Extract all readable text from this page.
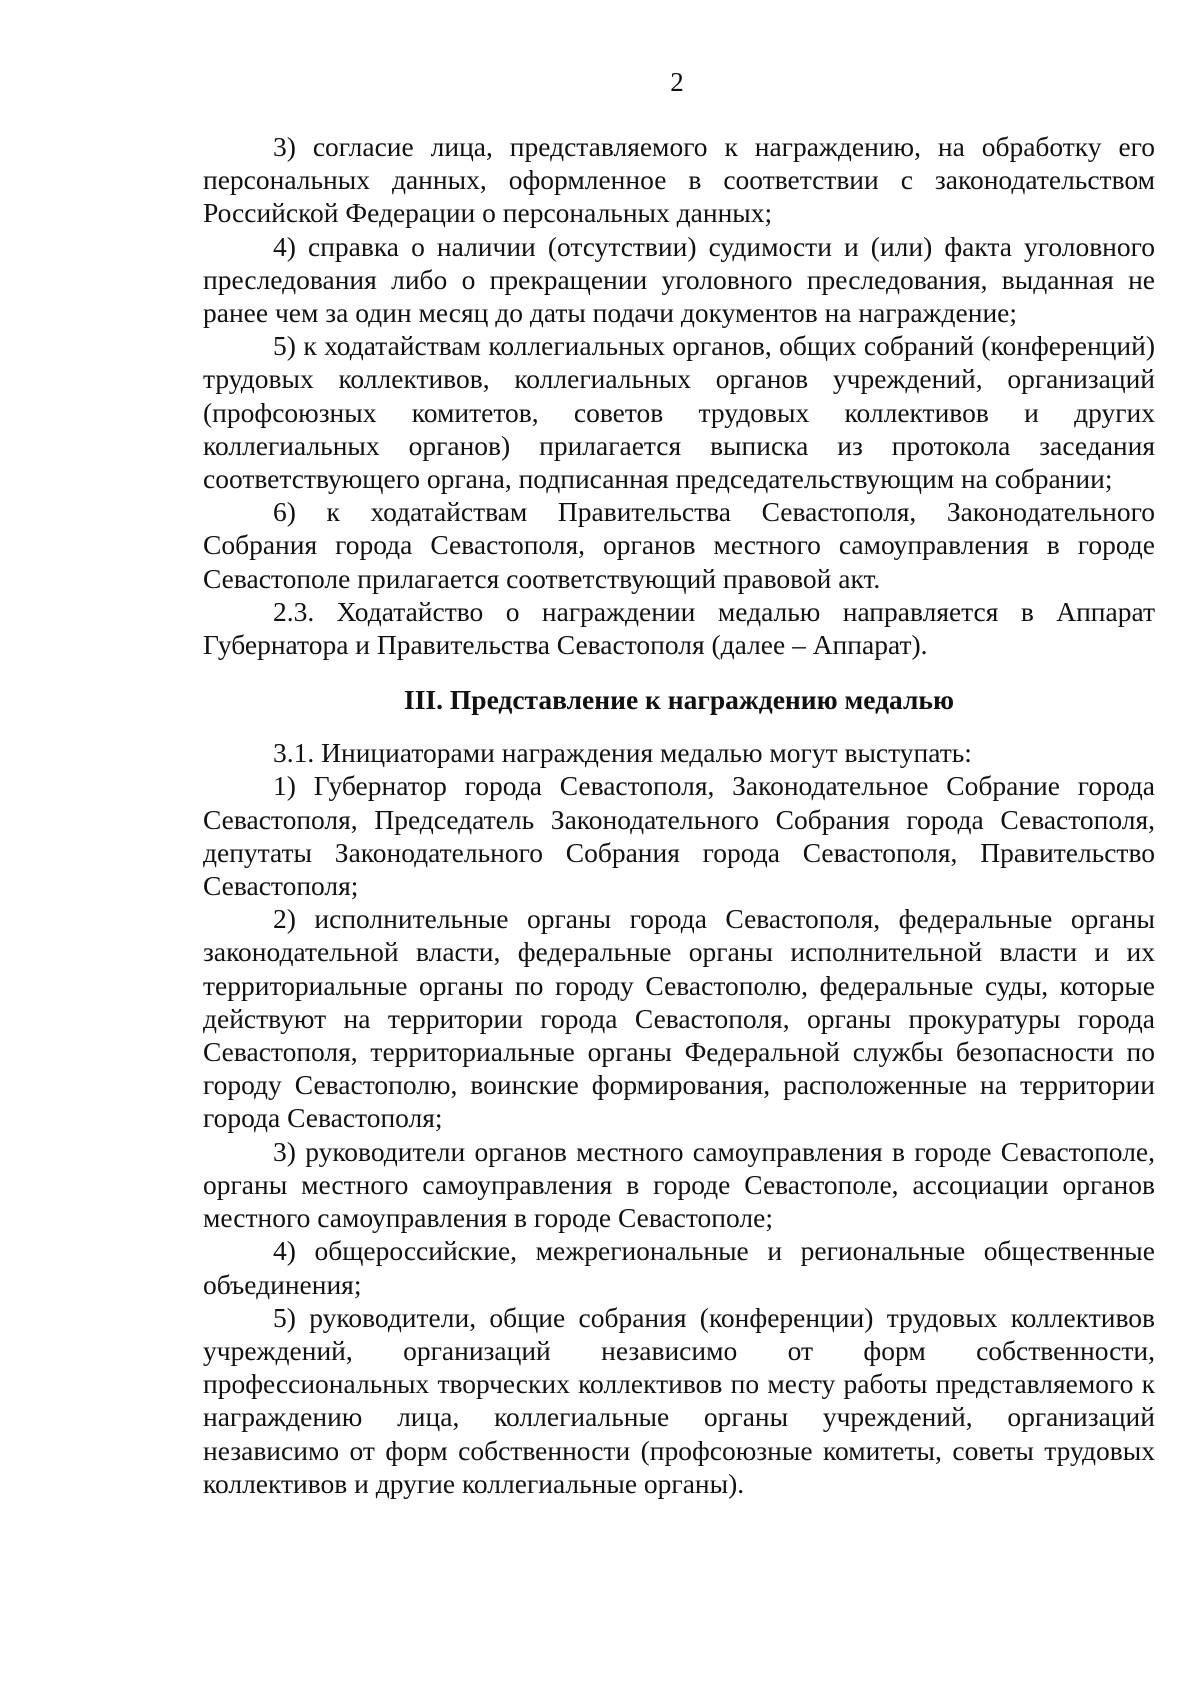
2

3) согласие лица, представляемого к награждению, на обработку его персональных данных, оформленное в соответствии с законодательством Российской Федерации о персональных данных;

4) справка о наличии (отсутствии) судимости и (или) факта уголовного преследования либо о прекращении уголовного преследования, выданная не ранее чем за один месяц до даты подачи документов на награждение;

5) к ходатайствам коллегиальных органов, общих собраний (конференций) трудовых коллективов, коллегиальных органов учреждений, организаций (профсоюзных комитетов, советов трудовых коллективов и других коллегиальных органов) прилагается выписка из протокола заседания соответствующего органа, подписанная председательствующим на собрании;

6) к ходатайствам Правительства Севастополя, Законодательного Собрания города Севастополя, органов местного самоуправления в городе Севастополе прилагается соответствующий правовой акт.

2.3. Ходатайство о награждении медалью направляется в Аппарат Губернатора и Правительства Севастополя (далее – Аппарат).

III. Представление к награждению медалью

3.1. Инициаторами награждения медалью могут выступать:

1) Губернатор города Севастополя, Законодательное Собрание города Севастополя, Председатель Законодательного Собрания города Севастополя, депутаты Законодательного Собрания города Севастополя, Правительство Севастополя;

2) исполнительные органы города Севастополя, федеральные органы законодательной власти, федеральные органы исполнительной власти и их территориальные органы по городу Севастополю, федеральные суды, которые действуют на территории города Севастополя, органы прокуратуры города Севастополя, территориальные органы Федеральной службы безопасности по городу Севастополю, воинские формирования, расположенные на территории города Севастополя;

3) руководители органов местного самоуправления в городе Севастополе, органы местного самоуправления в городе Севастополе, ассоциации органов местного самоуправления в городе Севастополе;

4) общероссийские, межрегиональные и региональные общественные объединения;

5) руководители, общие собрания (конференции) трудовых коллективов учреждений, организаций независимо от форм собственности, профессиональных творческих коллективов по месту работы представляемого к награждению лица, коллегиальные органы учреждений, организаций независимо от форм собственности (профсоюзные комитеты, советы трудовых коллективов и другие коллегиальные органы).
